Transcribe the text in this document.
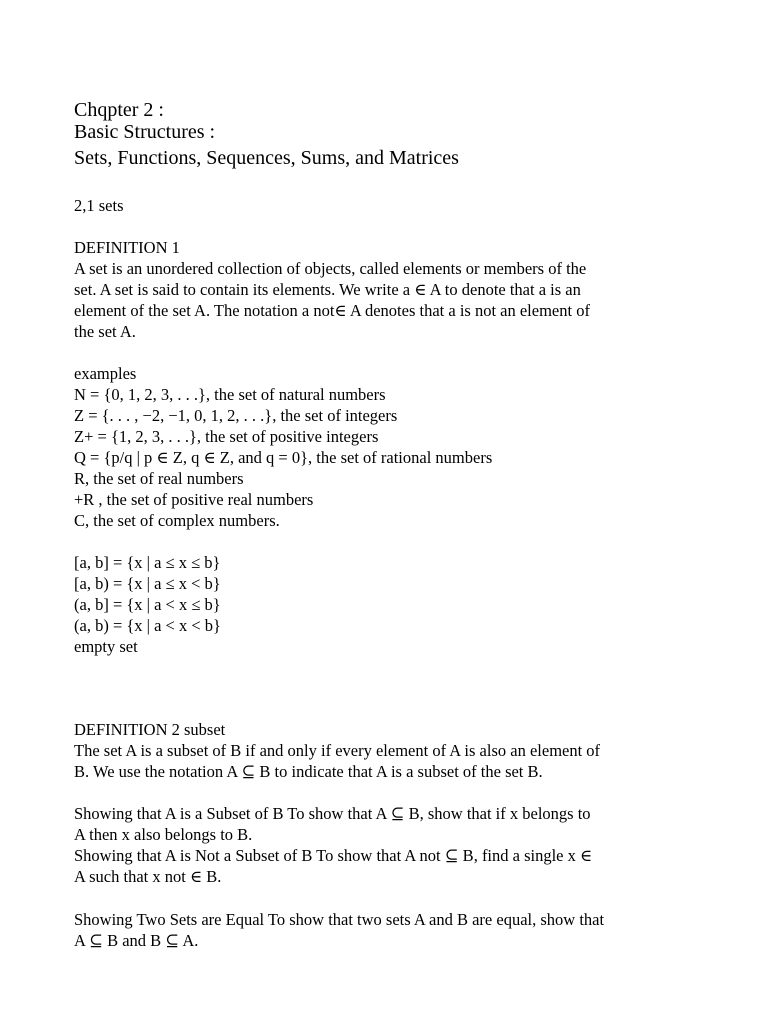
Chqpter 2 :
Basic Structures :
Sets, Functions, Sequences, Sums, and Matrices
2,1 sets
DEFINITION 1
A set is an unordered collection of objects, called elements or members of the
set. A set is said to contain its elements. We write a ∈ A to denote that a is an
element of the set A. The notation a not∈ A denotes that a is not an element of
the set A.
examples
N = {0, 1, 2, 3, . . .}, the set of natural numbers
Z = {. . . , −2, −1, 0, 1, 2, . . .}, the set of integers
Z+ = {1, 2, 3, . . .}, the set of positive integers
Q = {p/q | p ∈ Z, q ∈ Z, and q = 0}, the set of rational numbers
R, the set of real numbers
+R , the set of positive real numbers
C, the set of complex numbers.
[a, b] = {x | a ≤ x ≤ b}
[a, b) = {x | a ≤ x < b}
(a, b] = {x | a < x ≤ b}
(a, b) = {x | a < x < b}
empty set
DEFINITION 2 subset
The set A is a subset of B if and only if every element of A is also an element of
B. We use the notation A ⊆ B to indicate that A is a subset of the set B.
Showing that A is a Subset of B To show that A ⊆ B, show that if x belongs to
A then x also belongs to B.
Showing that A is Not a Subset of B To show that A not ⊆ B, find a single x ∈
A such that x not ∈ B.
Showing Two Sets are Equal To show that two sets A and B are equal, show that
A ⊆ B and B ⊆ A.
